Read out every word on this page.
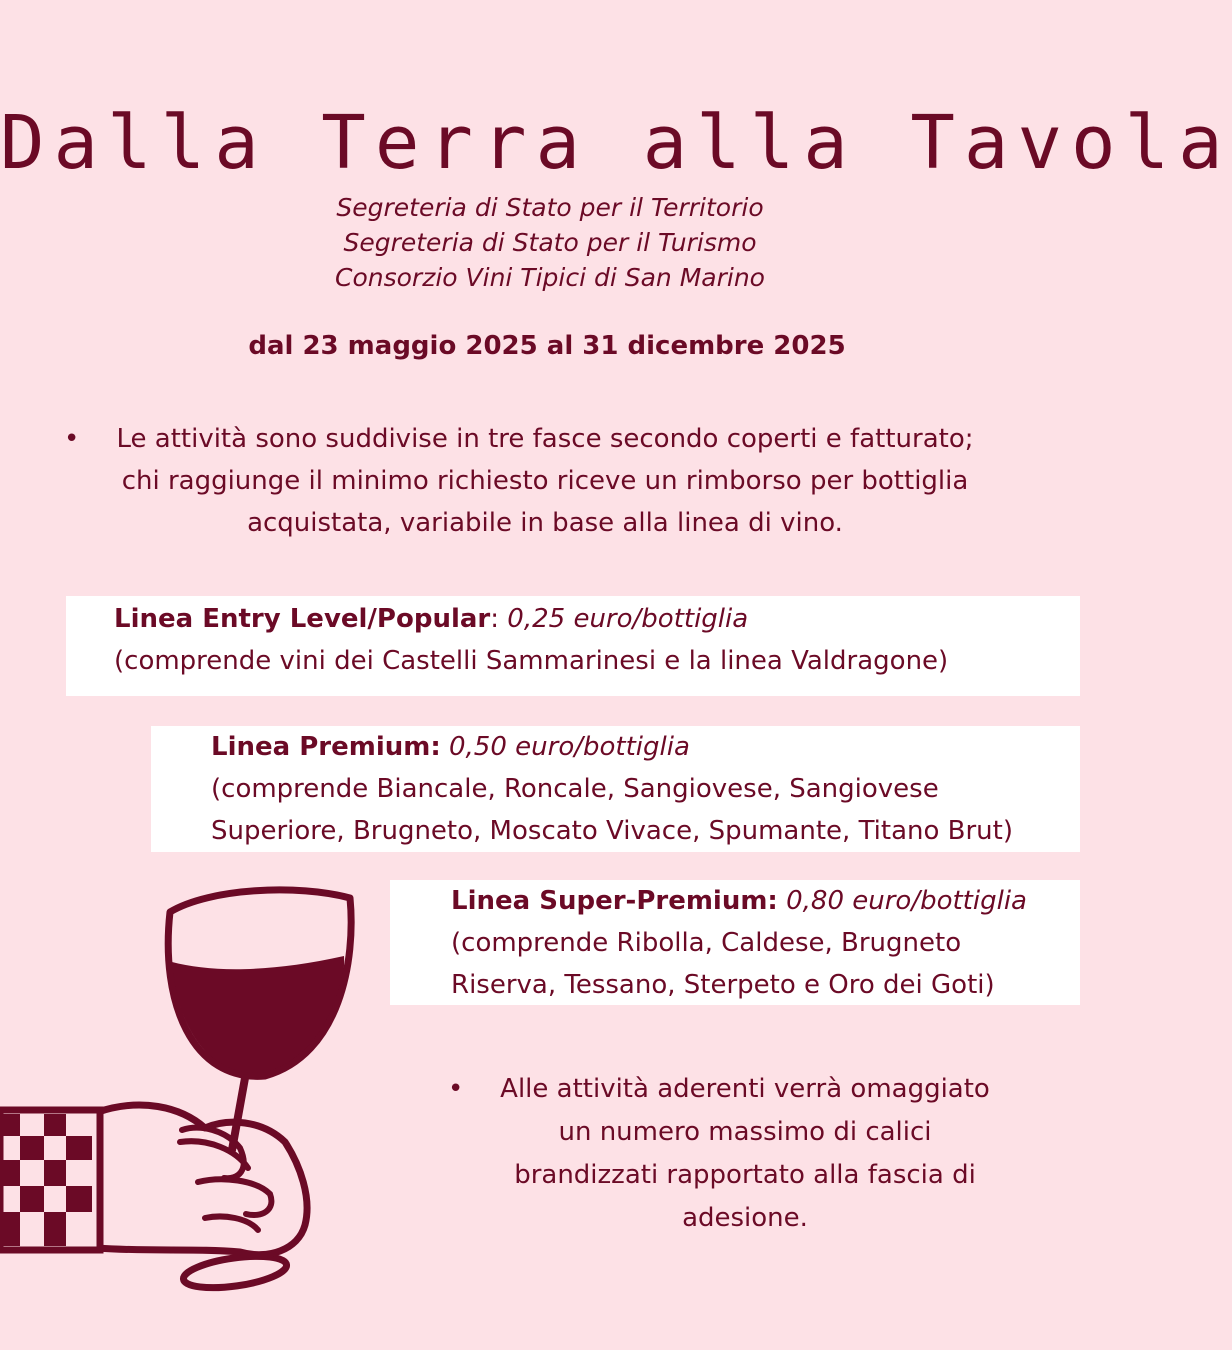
Dalla Terra alla Tavola
Segreteria di Stato per il Territorio
Segreteria di Stato per il Turismo
Consorzio Vini Tipici di San Marino
dal 23 maggio 2025 al 31 dicembre 2025
•	Le attività sono suddivise in tre fasce secondo coperti e fatturato;
chi raggiunge il minimo richiesto riceve un rimborso per bottiglia
acquistata, variabile in base alla linea di vino.
Linea Entry Level/Popular: 0,25 euro/bottiglia
(comprende vini dei Castelli Sammarinesi e la linea Valdragone)
Linea Premium: 0,50 euro/bottiglia
(comprende Biancale, Roncale, Sangiovese, Sangiovese
Superiore, Brugneto, Moscato Vivace, Spumante, Titano Brut)
Linea Super-Premium: 0,80 euro/bottiglia
(comprende Ribolla, Caldese, Brugneto
Riserva, Tessano, Sterpeto e Oro dei Goti)
•	Alle attività aderenti verrà omaggiato
un numero massimo di calici
brandizzati rapportato alla fascia di
adesione.
